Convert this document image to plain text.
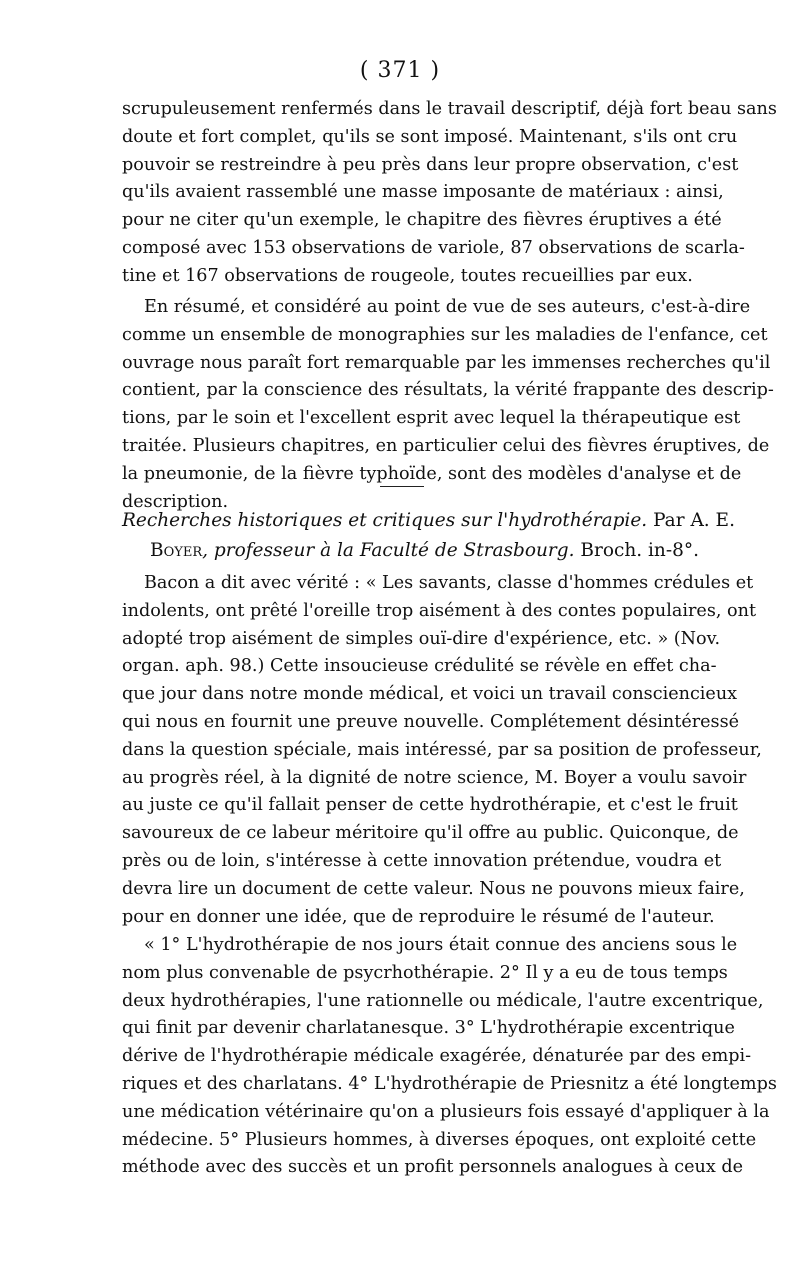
( 371 )
scrupuleusement renfermés dans le travail descriptif, déjà fort beau sans
doute et fort complet, qu'ils se sont imposé. Maintenant, s'ils ont cru
pouvoir se restreindre à peu près dans leur propre observation, c'est
qu'ils avaient rassemblé une masse imposante de matériaux : ainsi,
pour ne citer qu'un exemple, le chapitre des fièvres éruptives a été
composé avec 153 observations de variole, 87 observations de scarla-
tine et 167 observations de rougeole, toutes recueillies par eux.
En résumé, et considéré au point de vue de ses auteurs, c'est-à-dire
comme un ensemble de monographies sur les maladies de l'enfance, cet
ouvrage nous paraît fort remarquable par les immenses recherches qu'il
contient, par la conscience des résultats, la vérité frappante des descrip-
tions, par le soin et l'excellent esprit avec lequel la thérapeutique est
traitée. Plusieurs chapitres, en particulier celui des fièvres éruptives, de
la pneumonie, de la fièvre typhoïde, sont des modèles d'analyse et de
description.
Recherches historiques et critiques sur l'hydrothérapie. Par A. E.
Boyer, professeur à la Faculté de Strasbourg. Broch. in-8°.
Bacon a dit avec vérité : « Les savants, classe d'hommes crédules et
indolents, ont prêté l'oreille trop aisément à des contes populaires, ont
adopté trop aisément de simples ouï-dire d'expérience, etc. » (Nov.
organ. aph. 98.) Cette insoucieuse crédulité se révèle en effet cha-
que jour dans notre monde médical, et voici un travail consciencieux
qui nous en fournit une preuve nouvelle. Complétement désintéressé
dans la question spéciale, mais intéressé, par sa position de professeur,
au progrès réel, à la dignité de notre science, M. Boyer a voulu savoir
au juste ce qu'il fallait penser de cette hydrothérapie, et c'est le fruit
savoureux de ce labeur méritoire qu'il offre au public. Quiconque, de
près ou de loin, s'intéresse à cette innovation prétendue, voudra et
devra lire un document de cette valeur. Nous ne pouvons mieux faire,
pour en donner une idée, que de reproduire le résumé de l'auteur.
« 1° L'hydrothérapie de nos jours était connue des anciens sous le
nom plus convenable de psycrhothérapie. 2° Il y a eu de tous temps
deux hydrothérapies, l'une rationnelle ou médicale, l'autre excentrique,
qui finit par devenir charlatanesque. 3° L'hydrothérapie excentrique
dérive de l'hydrothérapie médicale exagérée, dénaturée par des empi-
riques et des charlatans. 4° L'hydrothérapie de Priesnitz a été longtemps
une médication vétérinaire qu'on a plusieurs fois essayé d'appliquer à la
médecine. 5° Plusieurs hommes, à diverses époques, ont exploité cette
méthode avec des succès et un profit personnels analogues à ceux de
